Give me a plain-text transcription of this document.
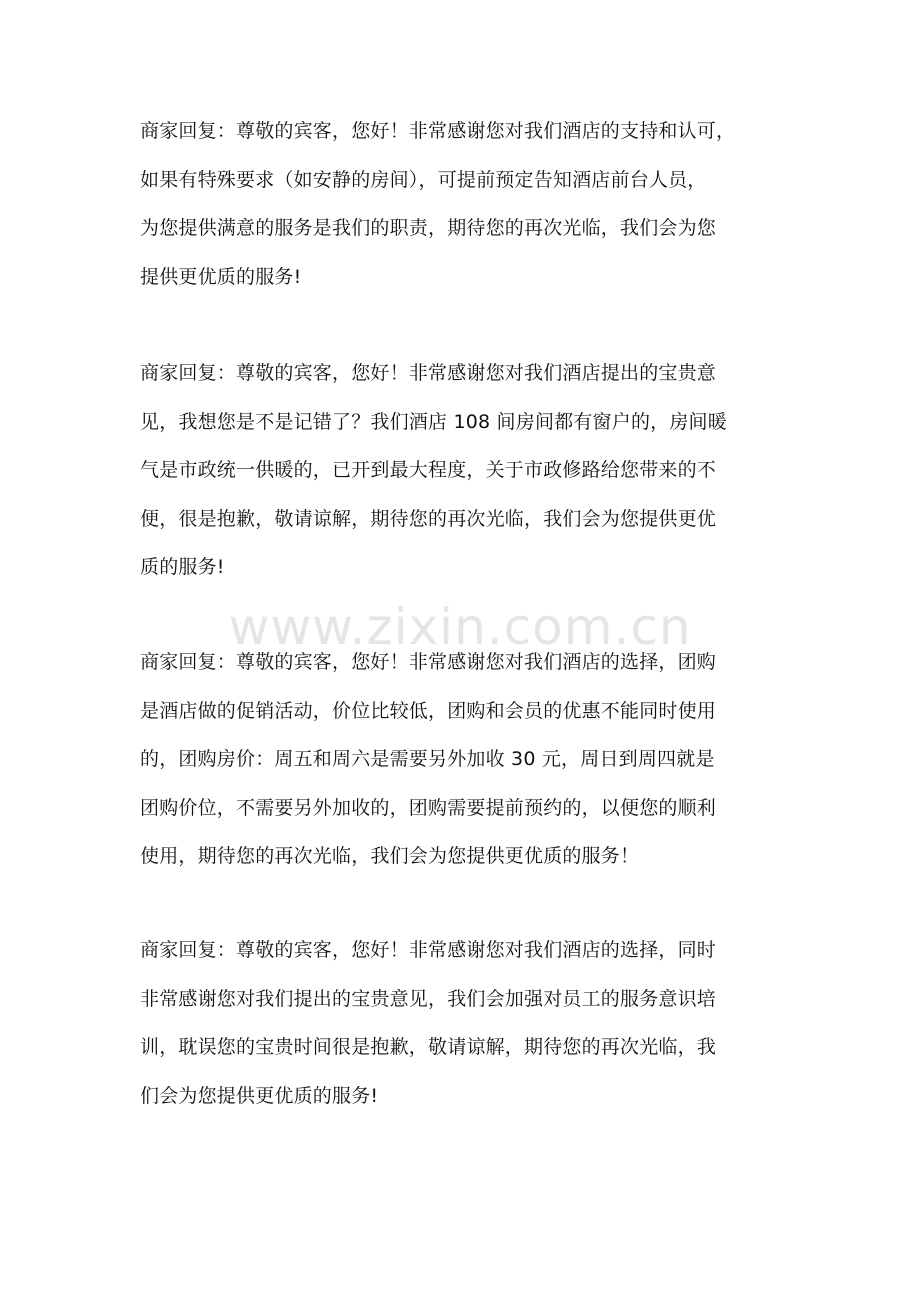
www.zixin.com.cn
商家回复：尊敬的宾客，您好！非常感谢您对我们酒店的支持和认可，
如果有特殊要求（如安静的房间），可提前预定告知酒店前台人员，
为您提供满意的服务是我们的职责，期待您的再次光临，我们会为您
提供更优质的服务!
商家回复：尊敬的宾客，您好！非常感谢您对我们酒店提出的宝贵意
见，我想您是不是记错了？我们酒店 108 间房间都有窗户的，房间暖
气是市政统一供暖的，已开到最大程度，关于市政修路给您带来的不
便，很是抱歉，敬请谅解，期待您的再次光临，我们会为您提供更优
质的服务!
商家回复：尊敬的宾客，您好！非常感谢您对我们酒店的选择，团购
是酒店做的促销活动，价位比较低，团购和会员的优惠不能同时使用
的，团购房价：周五和周六是需要另外加收 30 元，周日到周四就是
团购价位，不需要另外加收的，团购需要提前预约的，以便您的顺利
使用，期待您的再次光临，我们会为您提供更优质的服务！
商家回复：尊敬的宾客，您好！非常感谢您对我们酒店的选择，同时
非常感谢您对我们提出的宝贵意见，我们会加强对员工的服务意识培
训，耽误您的宝贵时间很是抱歉，敬请谅解，期待您的再次光临，我
们会为您提供更优质的服务!
